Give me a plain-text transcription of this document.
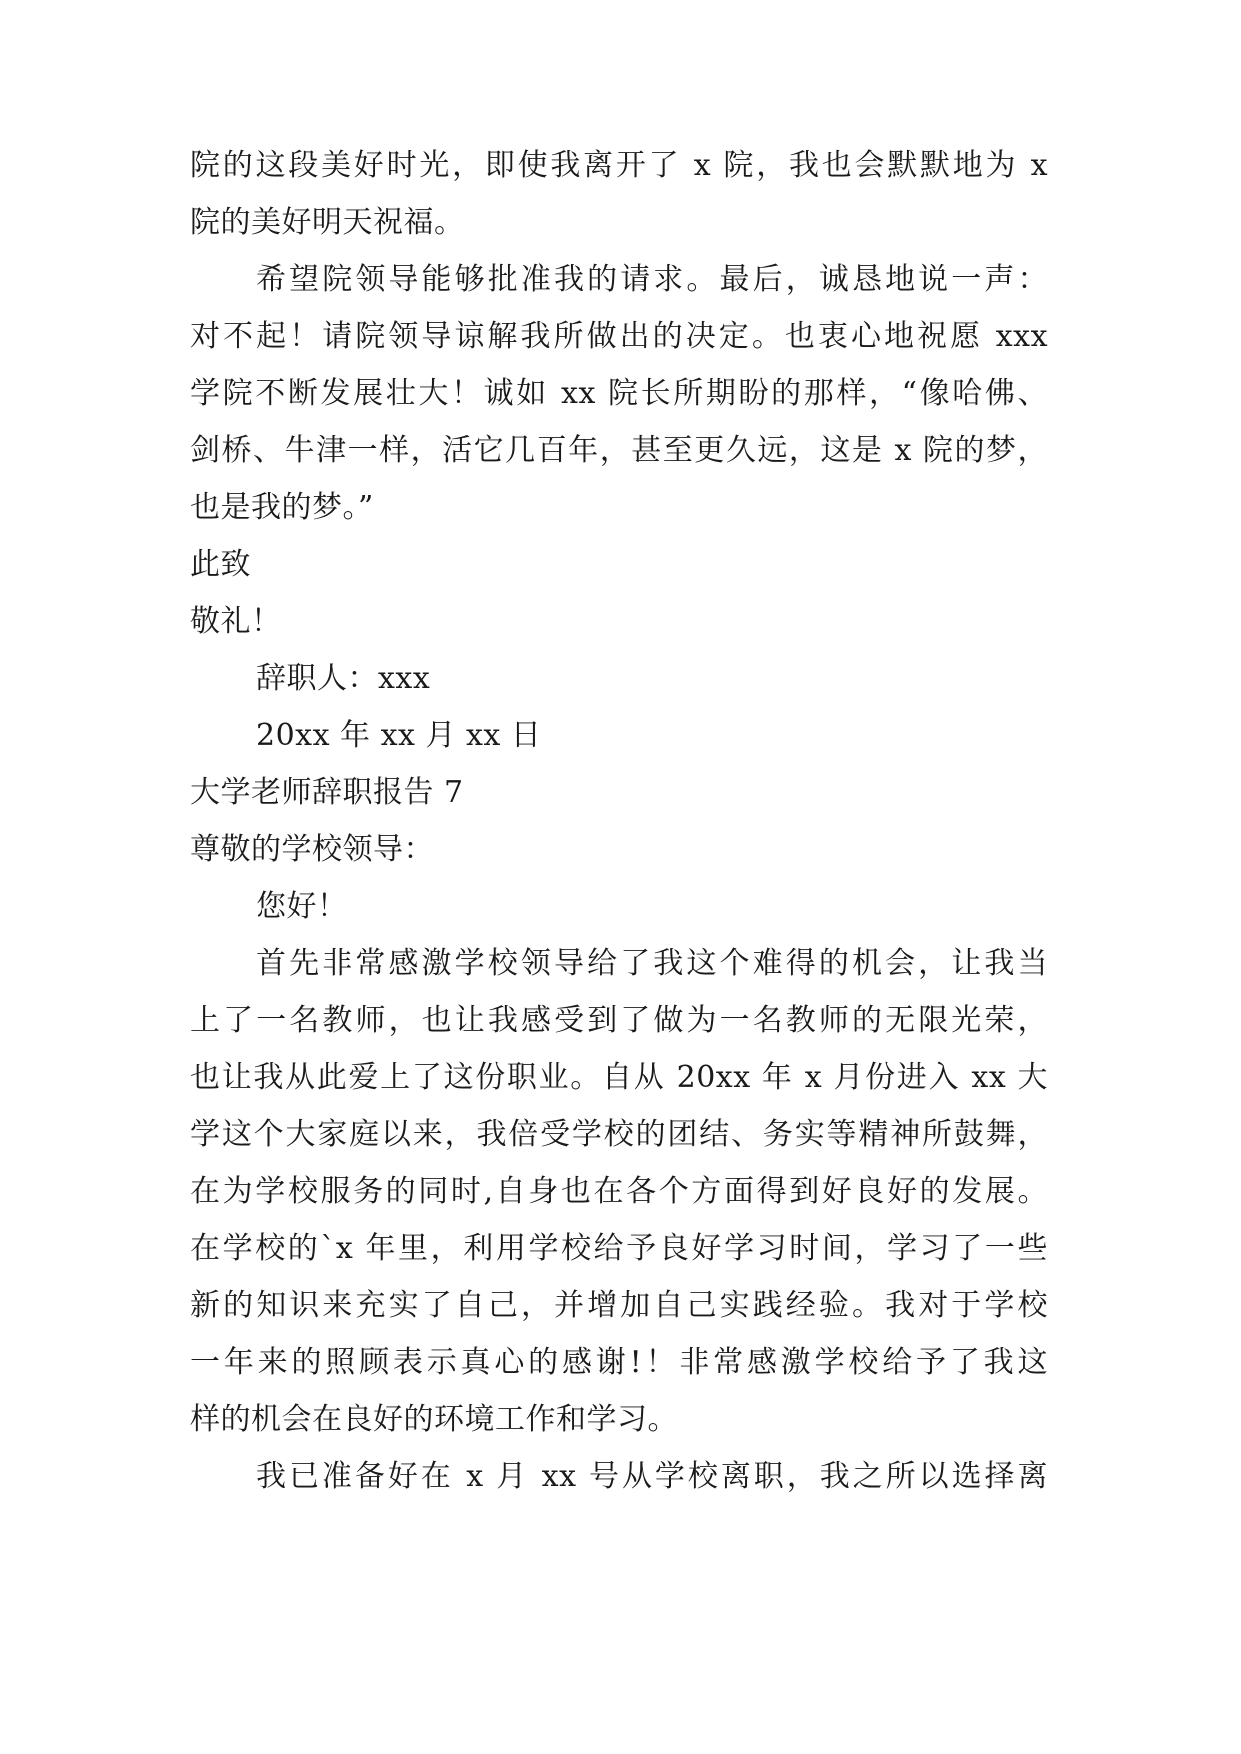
院的这段美好时光，即使我离开了 x 院，我也会默默地为 x
院的美好明天祝福。
希望院领导能够批准我的请求。最后，诚恳地说一声：
对不起！请院领导谅解我所做出的决定。也衷心地祝愿 xxx
学院不断发展壮大！诚如 xx 院长所期盼的那样，“像哈佛、
剑桥、牛津一样，活它几百年，甚至更久远，这是 x 院的梦，
也是我的梦。”
此致
敬礼！
辞职人：xxx
20xx 年 xx 月 xx 日
大学老师辞职报告 7
尊敬的学校领导：
您好！
首先非常感激学校领导给了我这个难得的机会，让我当
上了一名教师，也让我感受到了做为一名教师的无限光荣，
也让我从此爱上了这份职业。自从 20xx 年 x 月份进入 xx 大
学这个大家庭以来，我倍受学校的团结、务实等精神所鼓舞，
在为学校服务的同时,自身也在各个方面得到好良好的发展。
在学校的`x 年里，利用学校给予良好学习时间，学习了一些
新的知识来充实了自己，并增加自己实践经验。我对于学校
一年来的照顾表示真心的感谢!！非常感激学校给予了我这
样的机会在良好的环境工作和学习。
我已准备好在 x 月 xx 号从学校离职，我之所以选择离
